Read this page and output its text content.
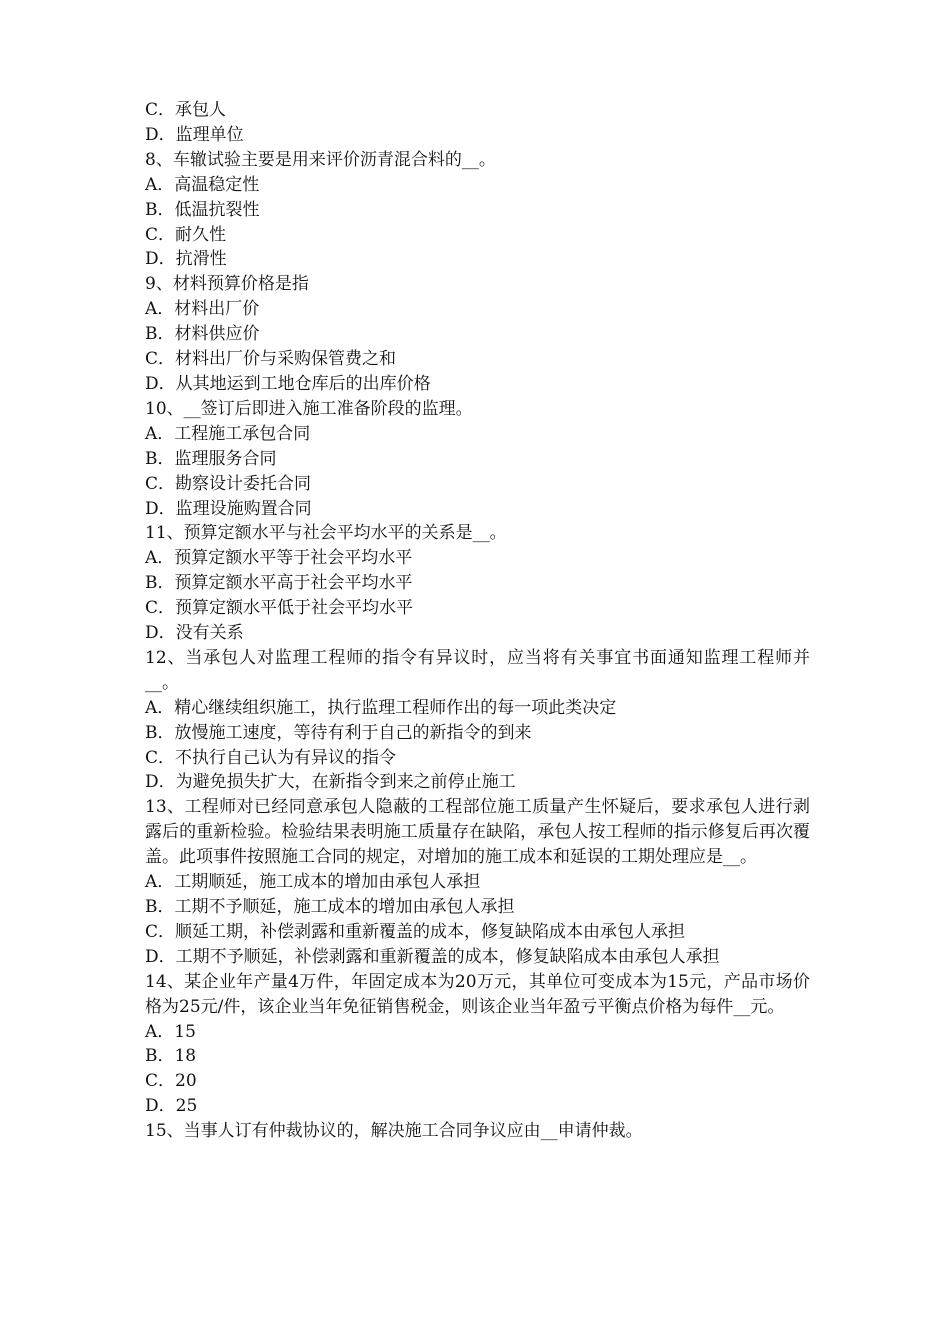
C．承包人

D．监理单位

8、车辙试验主要是用来评价沥青混合料的__。

A．高温稳定性

B．低温抗裂性

C．耐久性

D．抗滑性

9、材料预算价格是指

A．材料出厂价

B．材料供应价

C．材料出厂价与采购保管费之和

D．从其地运到工地仓库后的出库价格

10、__签订后即进入施工准备阶段的监理。

A．工程施工承包合同

B．监理服务合同

C．勘察设计委托合同

D．监理设施购置合同

11、预算定额水平与社会平均水平的关系是__。

A．预算定额水平等于社会平均水平

B．预算定额水平高于社会平均水平

C．预算定额水平低于社会平均水平

D．没有关系

12、当承包人对监理工程师的指令有异议时，应当将有关事宜书面通知监理工程师并__。

A．精心继续组织施工，执行监理工程师作出的每一项此类决定

B．放慢施工速度，等待有利于自己的新指令的到来

C．不执行自己认为有异议的指令

D．为避免损失扩大，在新指令到来之前停止施工

13、工程师对已经同意承包人隐蔽的工程部位施工质量产生怀疑后，要求承包人进行剥露后的重新检验。检验结果表明施工质量存在缺陷，承包人按工程师的指示修复后再次覆盖。此项事件按照施工合同的规定，对增加的施工成本和延误的工期处理应是__。

A．工期顺延，施工成本的增加由承包人承担

B．工期不予顺延，施工成本的增加由承包人承担

C．顺延工期，补偿剥露和重新覆盖的成本，修复缺陷成本由承包人承担

D．工期不予顺延，补偿剥露和重新覆盖的成本，修复缺陷成本由承包人承担

14、某企业年产量4万件，年固定成本为20万元，其单位可变成本为15元，产品市场价格为25元/件，该企业当年免征销售税金，则该企业当年盈亏平衡点价格为每件__元。

A．15

B．18

C．20

D．25

15、当事人订有仲裁协议的，解决施工合同争议应由__申请仲裁。
